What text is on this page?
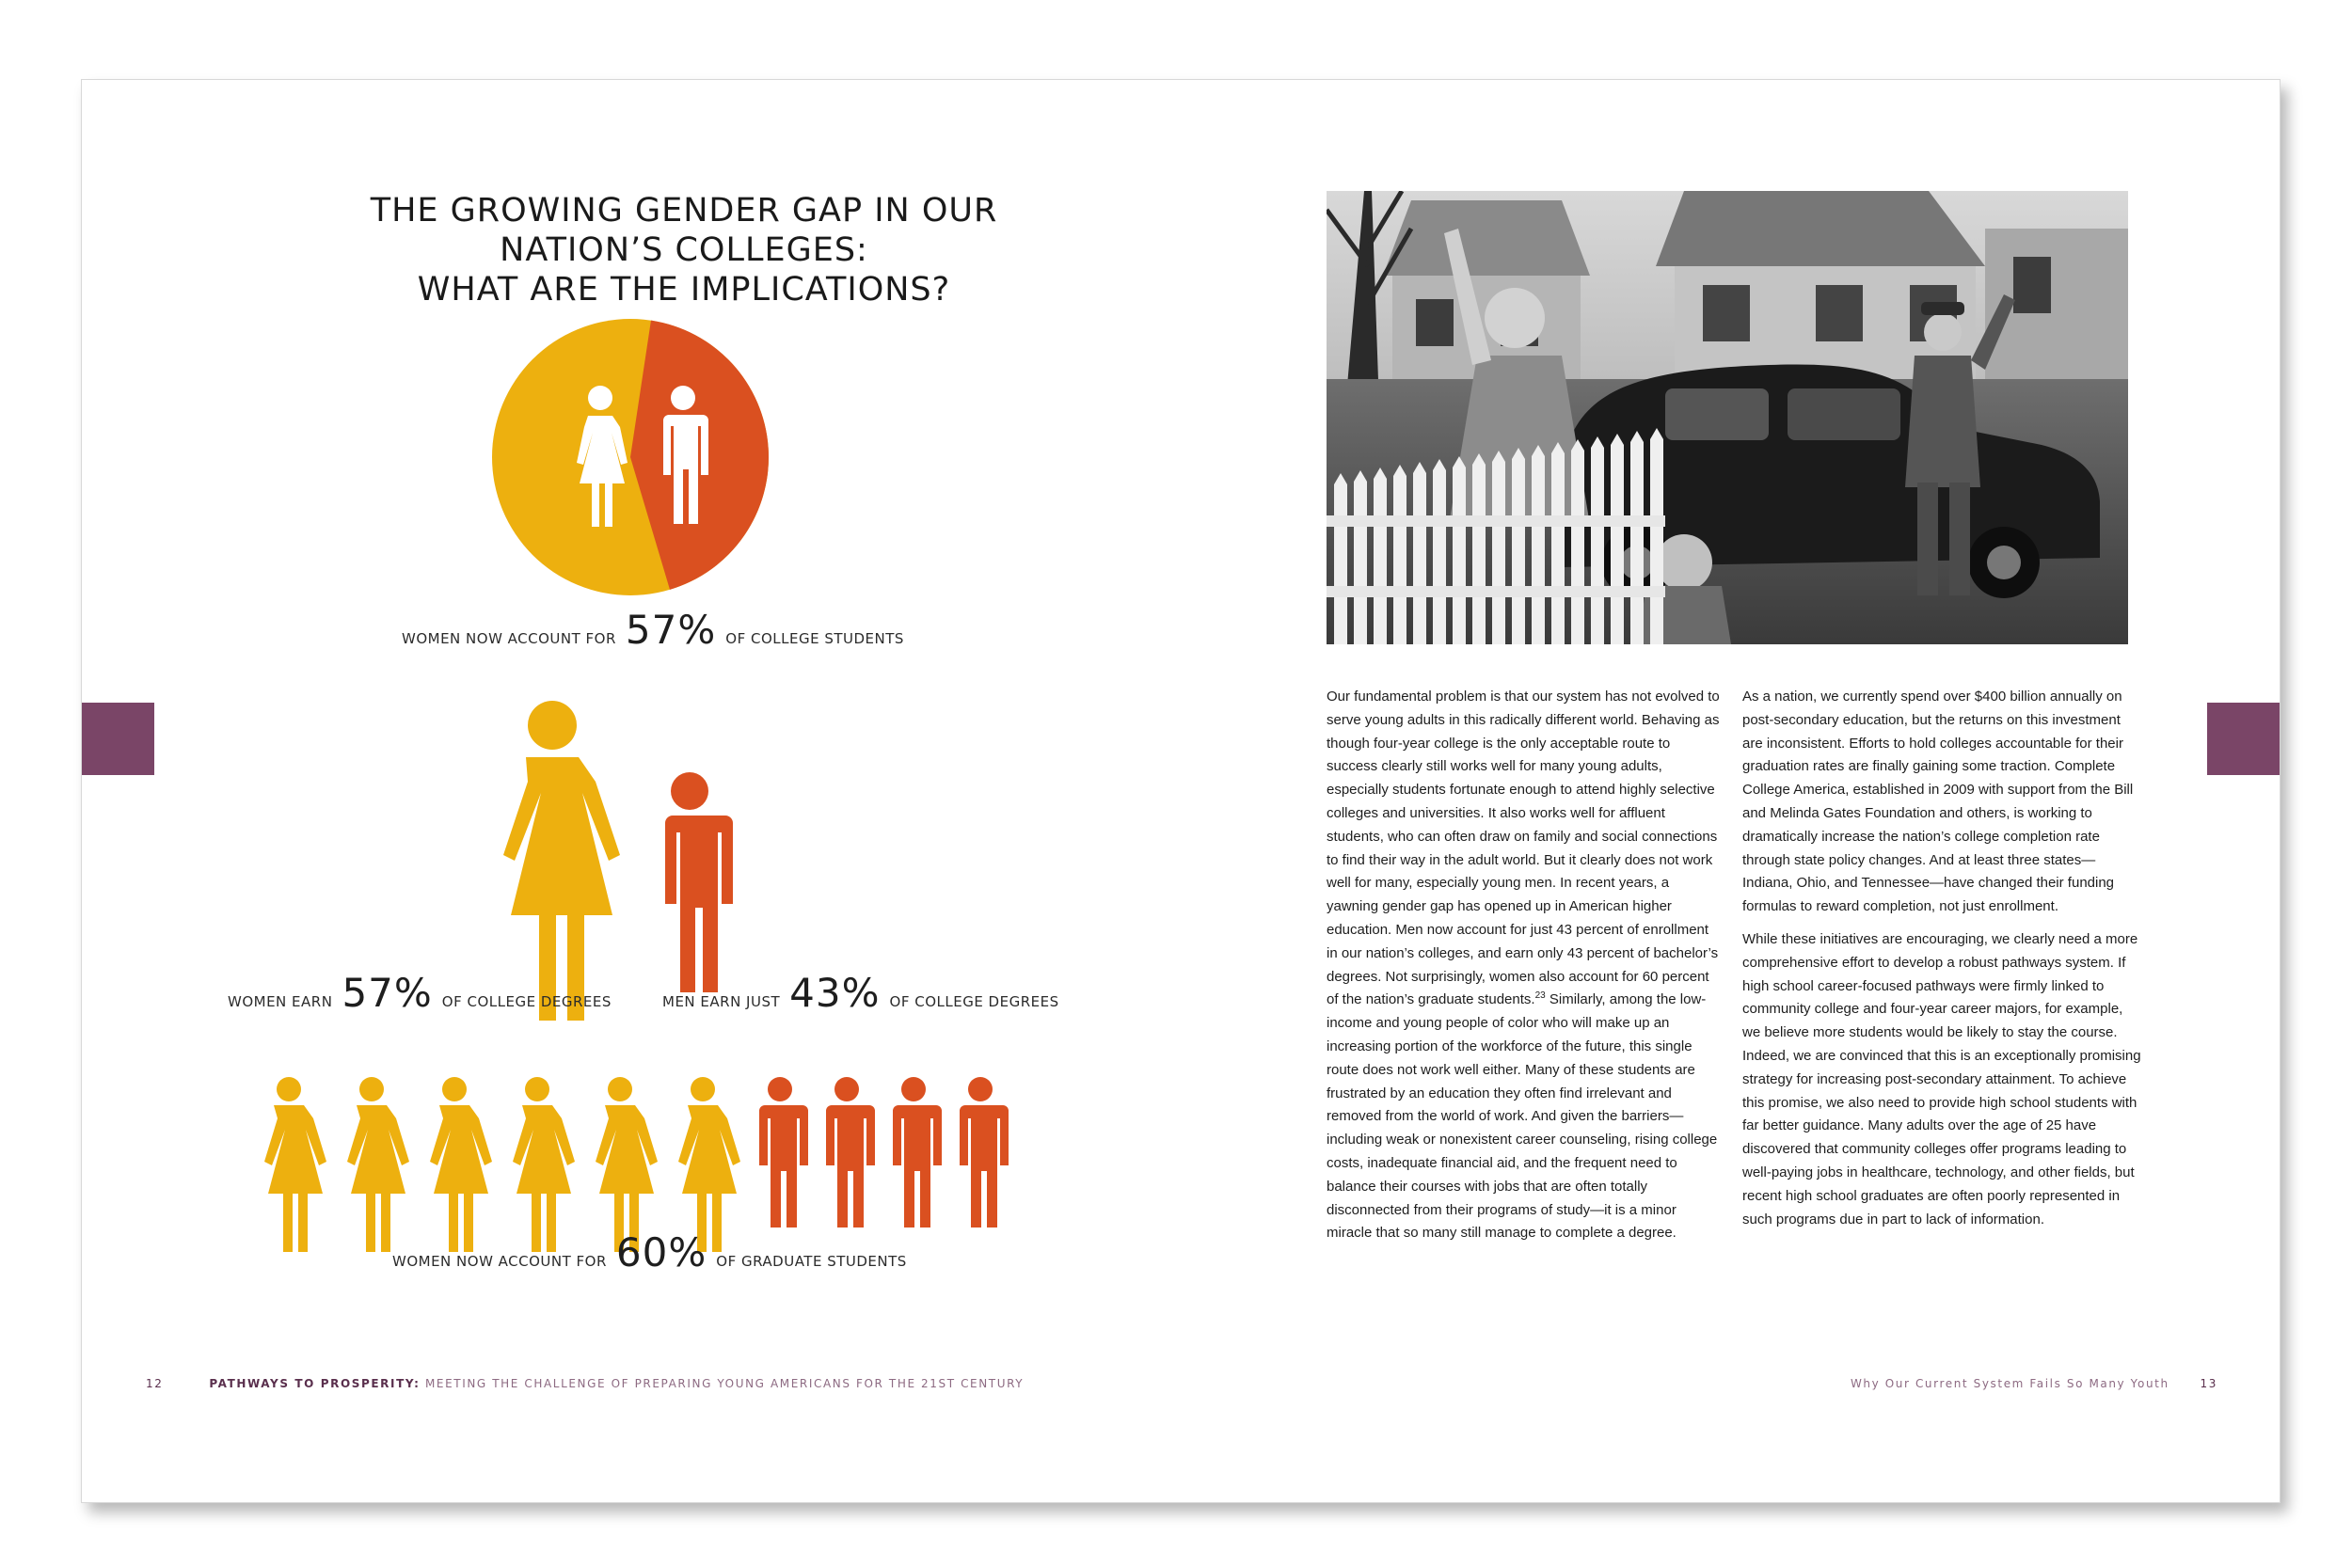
THE GROWING GENDER GAP IN OUR NATION’S COLLEGES:
WHAT ARE THE IMPLICATIONS?
WOMEN NOW ACCOUNT FOR 57% OF COLLEGE STUDENTS
WOMEN EARN 57% OF COLLEGE DEGREES	MEN EARN JUST 43% OF COLLEGE DEGREES
WOMEN NOW ACCOUNT FOR 60% OF GRADUATE STUDENTS
12	PATHWAYS TO PROSPERITY: MEETING THE CHALLENGE OF PREPARING YOUNG AMERICANS FOR THE 21ST CENTURY

Our fundamental problem is that our system has not evolved to serve young adults in this radically different world. Behaving as though four-year college is the only acceptable route to success clearly still works well for many young adults, especially students fortunate enough to attend highly selective colleges and universities. It also works well for affluent students, who can often draw on family and social connections to find their way in the adult world. But it clearly does not work well for many, especially young men. In recent years, a yawning gender gap has opened up in American higher education. Men now account for just 43 percent of enrollment in our nation’s colleges, and earn only 43 percent of bachelor’s degrees. Not surprisingly, women also account for 60 percent of the nation’s graduate students.$^{23}$ Similarly, among the low-income and young people of color who will make up an increasing portion of the workforce of the future, this single route does not work well either. Many of these students are frustrated by an education they often find irrelevant and removed from the world of work. And given the barriers—including weak or nonexistent career counseling, rising college costs, inadequate financial aid, and the frequent need to balance their courses with jobs that are often totally disconnected from their programs of study—it is a minor miracle that so many still manage to complete a degree.

As a nation, we currently spend over $400 billion annually on post-secondary education, but the returns on this investment are inconsistent. Efforts to hold colleges accountable for their graduation rates are finally gaining some traction. Complete College America, established in 2009 with support from the Bill and Melinda Gates Foundation and others, is working to dramatically increase the nation’s college completion rate through state policy changes. And at least three states—Indiana, Ohio, and Tennessee—have changed their funding formulas to reward completion, not just enrollment.

While these initiatives are encouraging, we clearly need a more comprehensive effort to develop a robust pathways system. If high school career-focused pathways were firmly linked to community college and four-year career majors, for example, we believe more students would be likely to stay the course. Indeed, we are convinced that this is an exceptionally promising strategy for increasing post-secondary attainment. To achieve this promise, we also need to provide high school students with far better guidance. Many adults over the age of 25 have discovered that community colleges offer programs leading to well-paying jobs in healthcare, technology, and other fields, but recent high school graduates are often poorly represented in such programs due in part to lack of information.

Why Our Current System Fails So Many Youth	13
